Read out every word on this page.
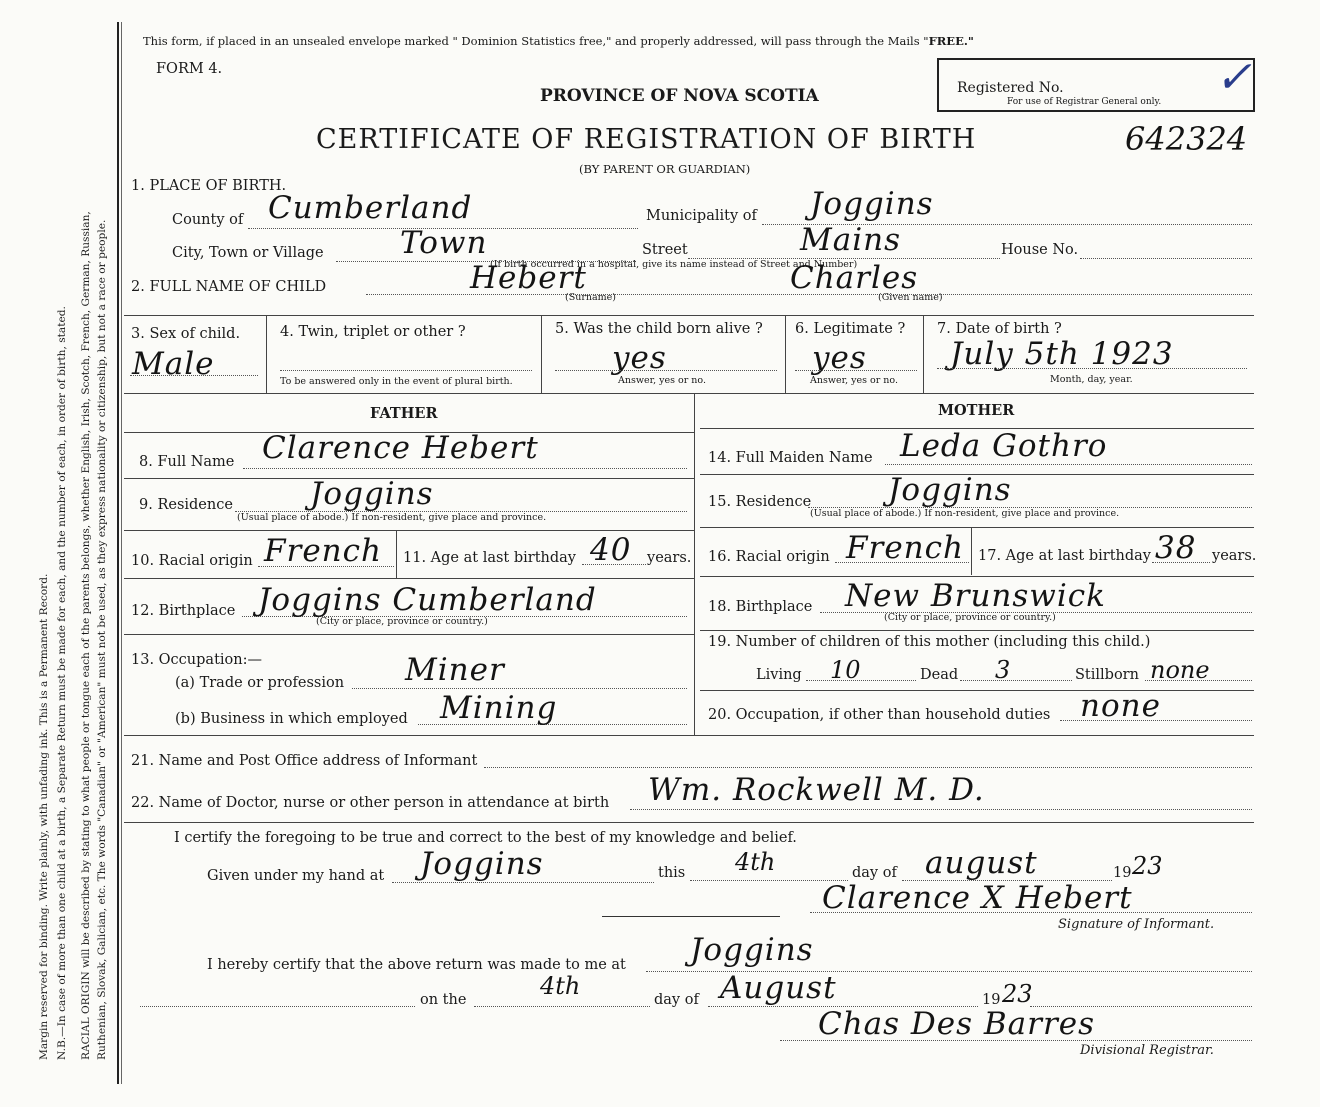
Margin reserved for binding. Write plainly, with unfading ink. This is a Permanent Record. N.B.—In case of more than one child at a birth, a Separate Return must be made for each, and the number of each, in order of birth, stated. RACIAL ORIGIN will be described by stating to what people or tongue each of the parents belongs, whether English, Irish, Scotch, French, German, Russian, Ruthenian, Slovak, Galician, etc. The words "Canadian" or "American" must not be used, as they express nationality or citizenship, but not a race or people.
This form, if placed in an unsealed envelope marked " Dominion Statistics free," and properly addressed, will pass through the Mails "FREE."
FORM 4.
PROVINCE OF NOVA SCOTIA
CERTIFICATE OF REGISTRATION OF BIRTH
(BY PARENT OR GUARDIAN)
Registered No.
For use of Registrar General only. ✓
642324
1. PLACE OF BIRTH.
County of Cumberland	Municipality of Joggins
City, Town or Village Town	Street	Mains	House No.
(If birth occurred in a hospital, give its name instead of Street and Number)
2. FULL NAME OF CHILD	Hebert	Charles
(Surname)	(Given name)
3. Sex of child.
Male
4. Twin, triplet or other ?
To be answered only in the event of plural birth.
5. Was the child born alive ?
yes
Answer, yes or no.
6. Legitimate ?
yes
Answer, yes or no.
7. Date of birth ?
July 5th 1923
Month, day, year.
FATHER	MOTHER
8. Full Name Clarence Hebert
9. Residence Joggins
(Usual place of abode.) If non-resident, give place and province.
10. Racial origin French 11. Age at last birthday 40 years.
12. Birthplace Joggins Cumberland
(City or place, province or country.)
13. Occupation:—
(a) Trade or profession Miner
(b) Business in which employed Mining
14. Full Maiden Name Leda Gothro
15. Residence Joggins
(Usual place of abode.) If non-resident, give place and province.
16. Racial origin French 17. Age at last birthday 38 years.
18. Birthplace New Brunswick
(City or place, province or country.)
19. Number of children of this mother (including this child.)
Living 10	Dead 3	Stillborn none
20. Occupation, if other than household duties none
21. Name and Post Office address of Informant
22. Name of Doctor, nurse or other person in attendance at birth Wm. Rockwell M. D.
I certify the foregoing to be true and correct to the best of my knowledge and belief.
Given under my hand at Joggins	this 4th	day of august	19 23
Clarence X Hebert
Signature of Informant.
I hereby certify that the above return was made to me at Joggins
on the	4th	day of August	19 23
Chas Des Barres
Divisional Registrar.
